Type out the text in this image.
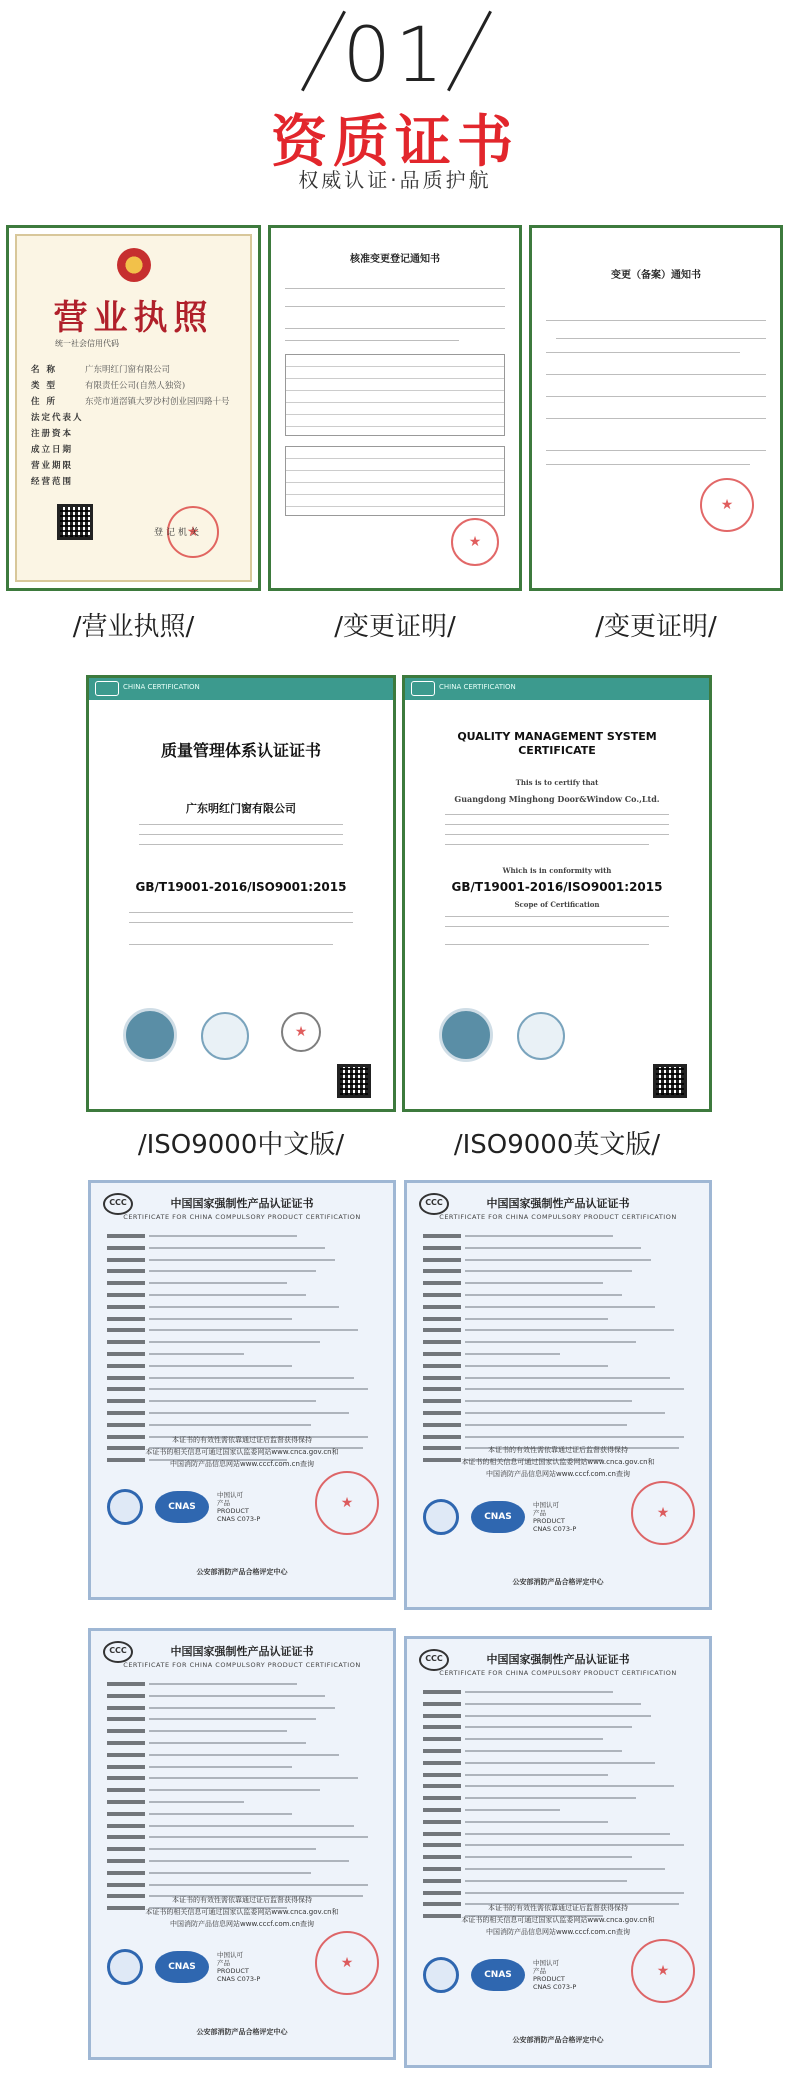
01
资质证书
权威认证·品质护航
营业执照
统一社会信用代码
名 称	广东明红门窗有限公司
类 型	有限责任公司(自然人独资)
住 所	东莞市道滘镇大罗沙村创业园四路十号
法定代表人
注册资本
成立日期
营业期限
经营范围
★
登记机关
核准变更登记通知书
★
变更（备案）通知书
★
/营业执照/	/变更证明/	/变更证明/
CHINA CERTIFICATION
质量管理体系认证证书
广东明红门窗有限公司
GB/T19001-2016/ISO9001:2015
★
CHINA CERTIFICATION
QUALITY MANAGEMENT SYSTEM
CERTIFICATE
This is to certify that
Guangdong Minghong Door&Window Co.,Ltd.
Which is in conformity with
GB/T19001-2016/ISO9001:2015
Scope of Certification
/ISO9000中文版/	/ISO9000英文版/
CCC
中国国家强制性产品认证证书
CERTIFICATE FOR CHINA COMPULSORY PRODUCT CERTIFICATION
本证书的有效性需依靠通过证后监督获得保持
本证书的相关信息可通过国家认监委网站www.cnca.gov.cn和
中国消防产品信息网站www.cccf.com.cn查询
CNAS
中国认可
产品
PRODUCT
CNAS C073-P
★
公安部消防产品合格评定中心
CCC
中国国家强制性产品认证证书
CERTIFICATE FOR CHINA COMPULSORY PRODUCT CERTIFICATION
本证书的有效性需依靠通过证后监督获得保持
本证书的相关信息可通过国家认监委网站www.cnca.gov.cn和
中国消防产品信息网站www.cccf.com.cn查询
CNAS
中国认可
产品
PRODUCT
CNAS C073-P
★
公安部消防产品合格评定中心
CCC
中国国家强制性产品认证证书
CERTIFICATE FOR CHINA COMPULSORY PRODUCT CERTIFICATION
本证书的有效性需依靠通过证后监督获得保持
本证书的相关信息可通过国家认监委网站www.cnca.gov.cn和
中国消防产品信息网站www.cccf.com.cn查询
CNAS
中国认可
产品
PRODUCT
CNAS C073-P
★
公安部消防产品合格评定中心
CCC
中国国家强制性产品认证证书
CERTIFICATE FOR CHINA COMPULSORY PRODUCT CERTIFICATION
本证书的有效性需依靠通过证后监督获得保持
本证书的相关信息可通过国家认监委网站www.cnca.gov.cn和
中国消防产品信息网站www.cccf.com.cn查询
CNAS
中国认可
产品
PRODUCT
CNAS C073-P
★
公安部消防产品合格评定中心
